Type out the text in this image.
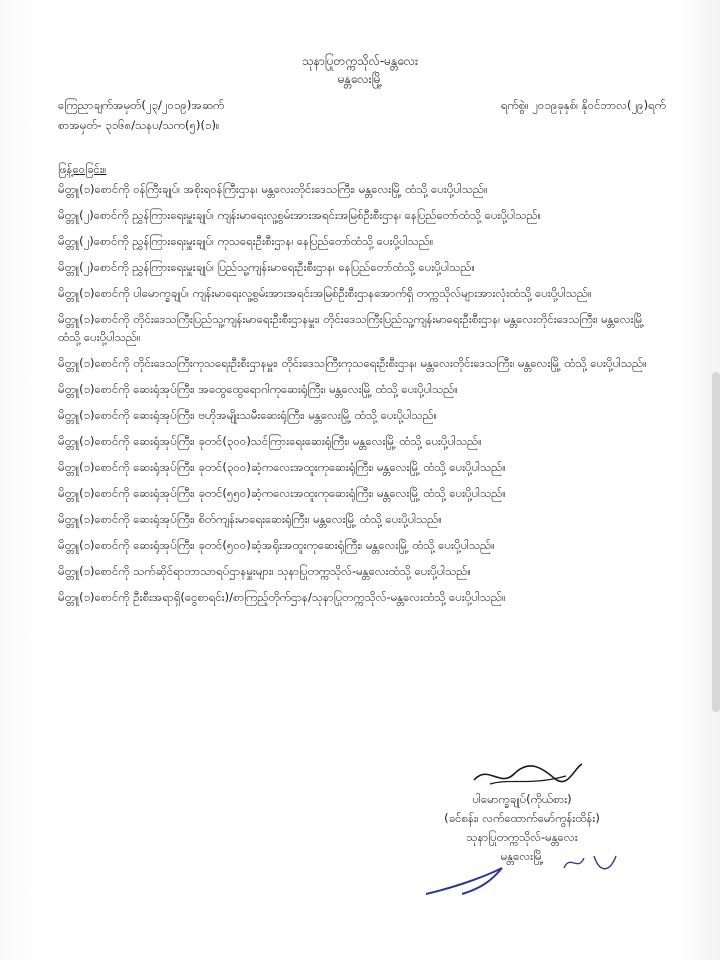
သုနာပြုတက္ကသိုလ်-မန္တလေး
မန္တလေးမြို့
ကြေညာချက်အမှတ်(၂၃/၂၀၁၉)အဆက်	ရက်စွဲ။ ၂၀၁၉ခုနှစ်၊ နိုဝင်ဘာလ(၂၉)ရက်
စာအမှတ်- ၃၁၆၈/သနပ/သက(၅)(၁)။
ဖြန့်ဝေခြင်း။
မိတ္တူ(၁)စောင်ကို ဝန်ကြီးချုပ်၊ အစိုးရဝန်ကြီးဌာန၊ မန္တလေးတိုင်းဒေသကြီး၊ မန္တလေးမြို့ ထံသို့ ပေးပို့ပါသည်။
မိတ္တူ(၂)စောင်ကို ညွှန်ကြားရေးမှူးချုပ်၊ ကျန်းမာရေးလူ့စွမ်းအားအရင်းအမြစ်ဦးစီးဌာန၊ နေပြည်တော်ထံသို့ ပေးပို့ပါသည်။
မိတ္တူ(၂)စောင်ကို ညွှန်ကြားရေးမှူးချုပ်၊ ကုသရေးဦးစီးဌာန၊ နေပြည်တော်ထံသို့ ပေးပို့ပါသည်။
မိတ္တူ(၂)စောင်ကို ညွှန်ကြားရေးမှူးချုပ်၊ ပြည်သူ့ကျန်းမာရေးဦးစီးဌာန၊ နေပြည်တော်ထံသို့ ပေးပို့ပါသည်။
မိတ္တူ(၁)စောင်ကို ပါမောက္ခချုပ်၊ ကျန်းမာရေးလူ့စွမ်းအားအရင်းအမြစ်ဦးစီးဌာနအောက်ရှိ တက္ကသိုလ်များအားလုံးထံသို့ ပေးပို့ပါသည်။
မိတ္တူ(၁)စောင်ကို တိုင်းဒေသကြီးပြည်သူ့ကျန်းမာရေးဦးစီးဌာနမှူး၊ တိုင်းဒေသကြီးပြည်သူ့ကျန်းမာရေးဦးစီးဌာန၊ မန္တလေးတိုင်းဒေသကြီး၊ မန္တလေးမြို့ ထံသို့ ပေးပို့ပါသည်။
မိတ္တူ(၁)စောင်ကို တိုင်းဒေသကြီးကုသရေးဦးစီးဌာနမှူး၊ တိုင်းဒေသကြီးကုသရေးဦးစီးဌာန၊ မန္တလေးတိုင်းဒေသကြီး၊ မန္တလေးမြို့ ထံသို့ ပေးပို့ပါသည်။
မိတ္တူ(၁)စောင်ကို ဆေးရုံအုပ်ကြီး၊ အထွေထွေရောဂါကုဆေးရုံကြီး၊ မန္တလေးမြို့ ထံသို့ ပေးပို့ပါသည်။
မိတ္တူ(၁)စောင်ကို ဆေးရုံအုပ်ကြီး၊ ဗဟိုအမျိုးသမီးဆေးရုံကြီး၊ မန္တလေးမြို့ ထံသို့ ပေးပို့ပါသည်။
မိတ္တူ(၁)စောင်ကို ဆေးရုံအုပ်ကြီး၊ ခုတင်(၃၀၀)သင်ကြားရေးဆေးရုံကြီး၊ မန္တလေးမြို့ ထံသို့ ပေးပို့ပါသည်။
မိတ္တူ(၁)စောင်ကို ဆေးရုံအုပ်ကြီး၊ ခုတင်(၃၀၀)ဆံ့ကလေးအထူးကုဆေးရုံကြီး၊ မန္တလေးမြို့ ထံသို့ ပေးပို့ပါသည်။
မိတ္တူ(၁)စောင်ကို ဆေးရုံအုပ်ကြီး၊ ခုတင်(၅၅၀)ဆံ့ကလေးအထူးကုဆေးရုံကြီး၊ မန္တလေးမြို့ ထံသို့ ပေးပို့ပါသည်။
မိတ္တူ(၁)စောင်ကို ဆေးရုံအုပ်ကြီး၊ စိတ်ကျန်းမာရေးဆေးရုံကြီး၊ မန္တလေးမြို့ ထံသို့ ပေးပို့ပါသည်။
မိတ္တူ(၁)စောင်ကို ဆေးရုံအုပ်ကြီး၊ ခုတင်(၅၀၀)ဆံ့အရိုးအထူးကုဆေးရုံကြီး၊ မန္တလေးမြို့ ထံသို့ ပေးပို့ပါသည်။
မိတ္တူ(၁)စောင်ကို သက်ဆိုင်ရာဘာသာရပ်ဌာနမှူးများ၊ သုနာပြုတက္ကသိုလ်-မန္တလေးထံသို့ ပေးပို့ပါသည်။
မိတ္တူ(၁)စောင်ကို ဦးစီးအရာရှိ(ငွေစာရင်း)/စာကြည့်တိုက်ဌာန/သုနာပြုတက္ကသိုလ်-မန္တလေးထံသို့ ပေးပို့ပါသည်။
ပါမောက္ခချုပ်(ကိုယ်စား)
(ခင်စန်း၊ လက်ထောက်မော်ကွန်းထိန်း)
သုနာပြုတက္ကသိုလ်-မန္တလေး
မန္တလေးမြို့
